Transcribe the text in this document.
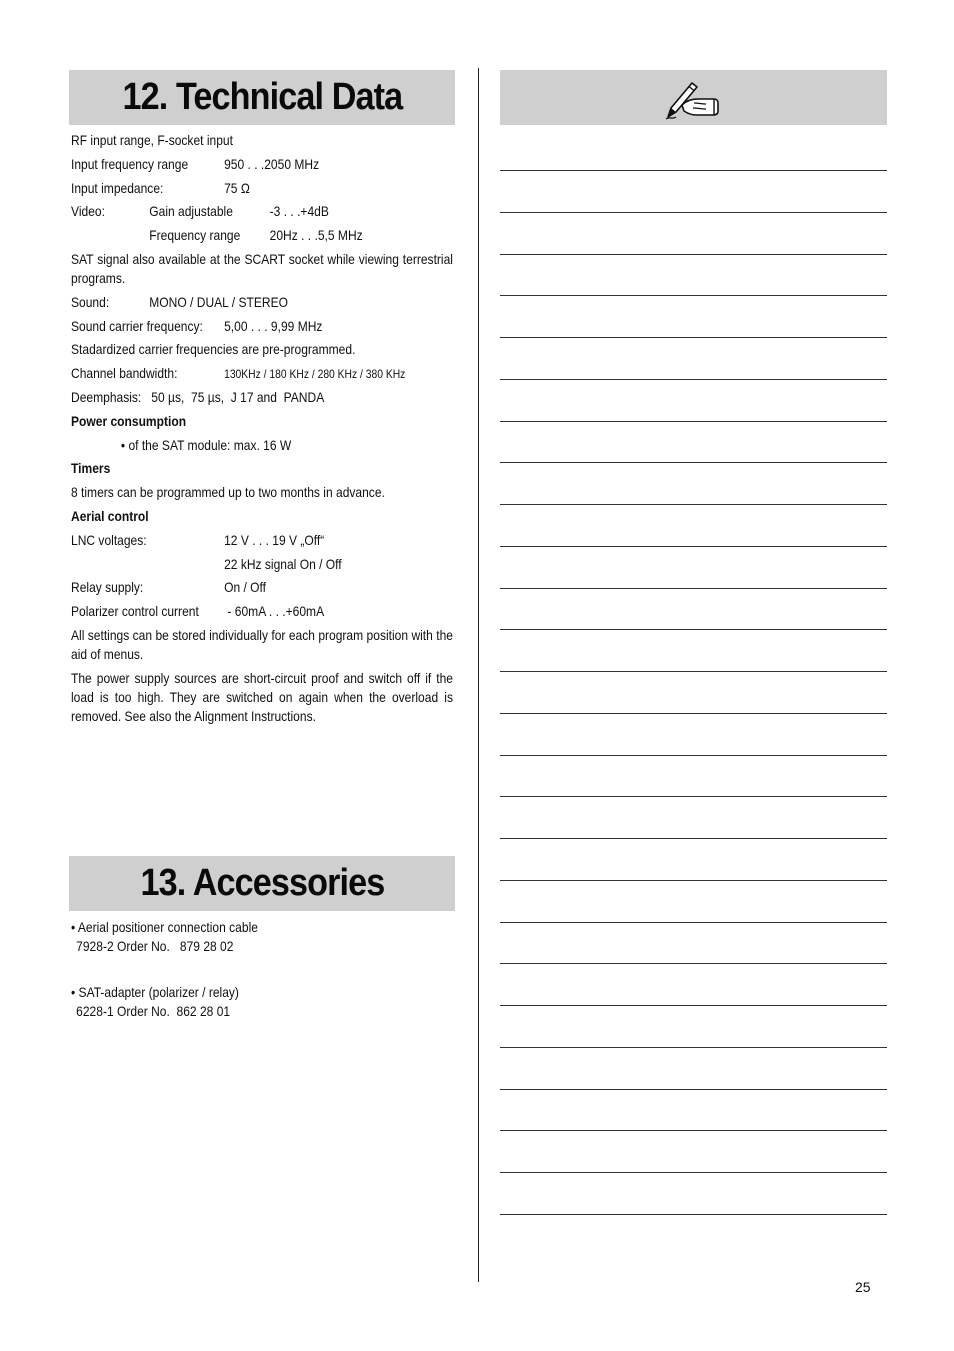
12. Technical Data
RF input range, F-socket input
Input frequency range	950 . . .2050 MHz
Input impedance:	75 Ω
Video:	Gain adjustable	-3 . . .+4dB
Frequency range 20Hz . . .5,5 MHz
SAT signal also available at the SCART socket while viewing terrestrial programs.
Sound:	MONO / DUAL / STEREO
Sound carrier frequency: 5,00 . . . 9,99 MHz
Stadardized carrier frequencies are pre-programmed.
Channel bandwidth:	130KHz / 180 KHz / 280 KHz / 380 KHz
Deemphasis:   50 µs,  75 µs,  J 17 and  PANDA
Power consumption
• of the SAT module: max. 16 W
Timers
8 timers can be programmed up to two months in advance.
Aerial control
LNC voltages:	12 V . . . 19 V „Off“
22 kHz signal On / Off
Relay supply:	On / Off
Polarizer control current - 60mA . . .+60mA
All settings can be stored individually for each program position with the aid of menus.
The power supply sources are short-circuit proof and switch off if the load is too high. They are switched on again when the overload is removed. See also the Alignment Instructions.
13. Accessories
• Aerial positioner connection cable
7928-2 Order No.   879 28 02
• SAT-adapter (polarizer / relay)
6228-1 Order No.  862 28 01
25
